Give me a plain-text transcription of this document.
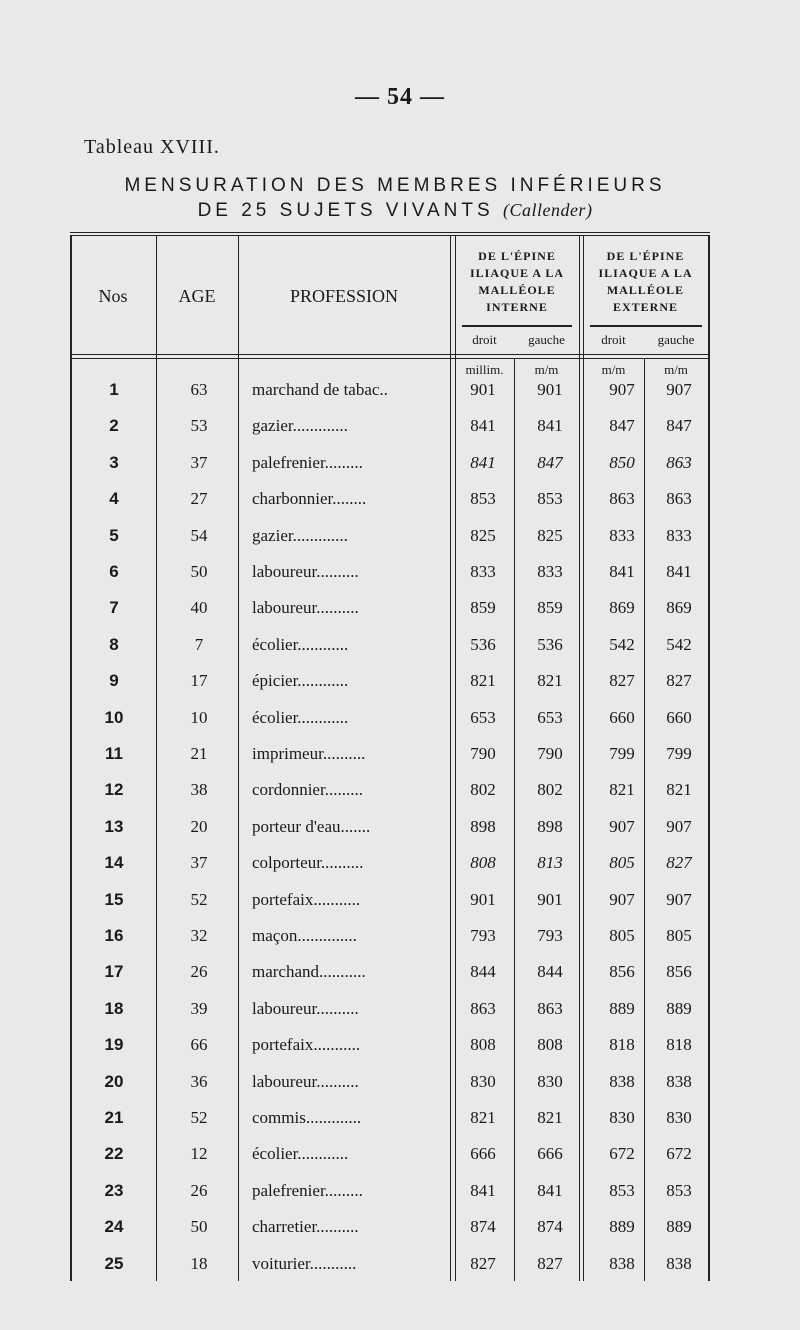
— 54 —
Tableau XVIII.
MENSURATION DES MEMBRES INFÉRIEURS
DE 25 SUJETS VIVANTS (Callender)
Nos	AGE	PROFESSION
DE L'ÉPINE
ILIAQUE A LA
MALLÉOLE
INTERNE
DE L'ÉPINE
ILIAQUE A LA
MALLÉOLE
EXTERNE
droit	gauche	droit	gauche
millim.	m/m	m/m	m/m
1	63	marchand de tabac..	901	901	907	907
2	53	gazier.............	841	841	847	847
3	37	palefrenier.........	841	847	850	863
4	27	charbonnier........	853	853	863	863
5	54	gazier.............	825	825	833	833
6	50	laboureur..........	833	833	841	841
7	40	laboureur..........	859	859	869	869
8	7	écolier............	536	536	542	542
9	17	épicier............	821	821	827	827
10	10	écolier............	653	653	660	660
11	21	imprimeur..........	790	790	799	799
12	38	cordonnier.........	802	802	821	821
13	20	porteur d'eau.......	898	898	907	907
14	37	colporteur..........	808	813	805	827
15	52	portefaix...........	901	901	907	907
16	32	maçon..............	793	793	805	805
17	26	marchand...........	844	844	856	856
18	39	laboureur..........	863	863	889	889
19	66	portefaix...........	808	808	818	818
20	36	laboureur..........	830	830	838	838
21	52	commis.............	821	821	830	830
22	12	écolier............	666	666	672	672
23	26	palefrenier.........	841	841	853	853
24	50	charretier..........	874	874	889	889
25	18	voiturier...........	827	827	838	838
